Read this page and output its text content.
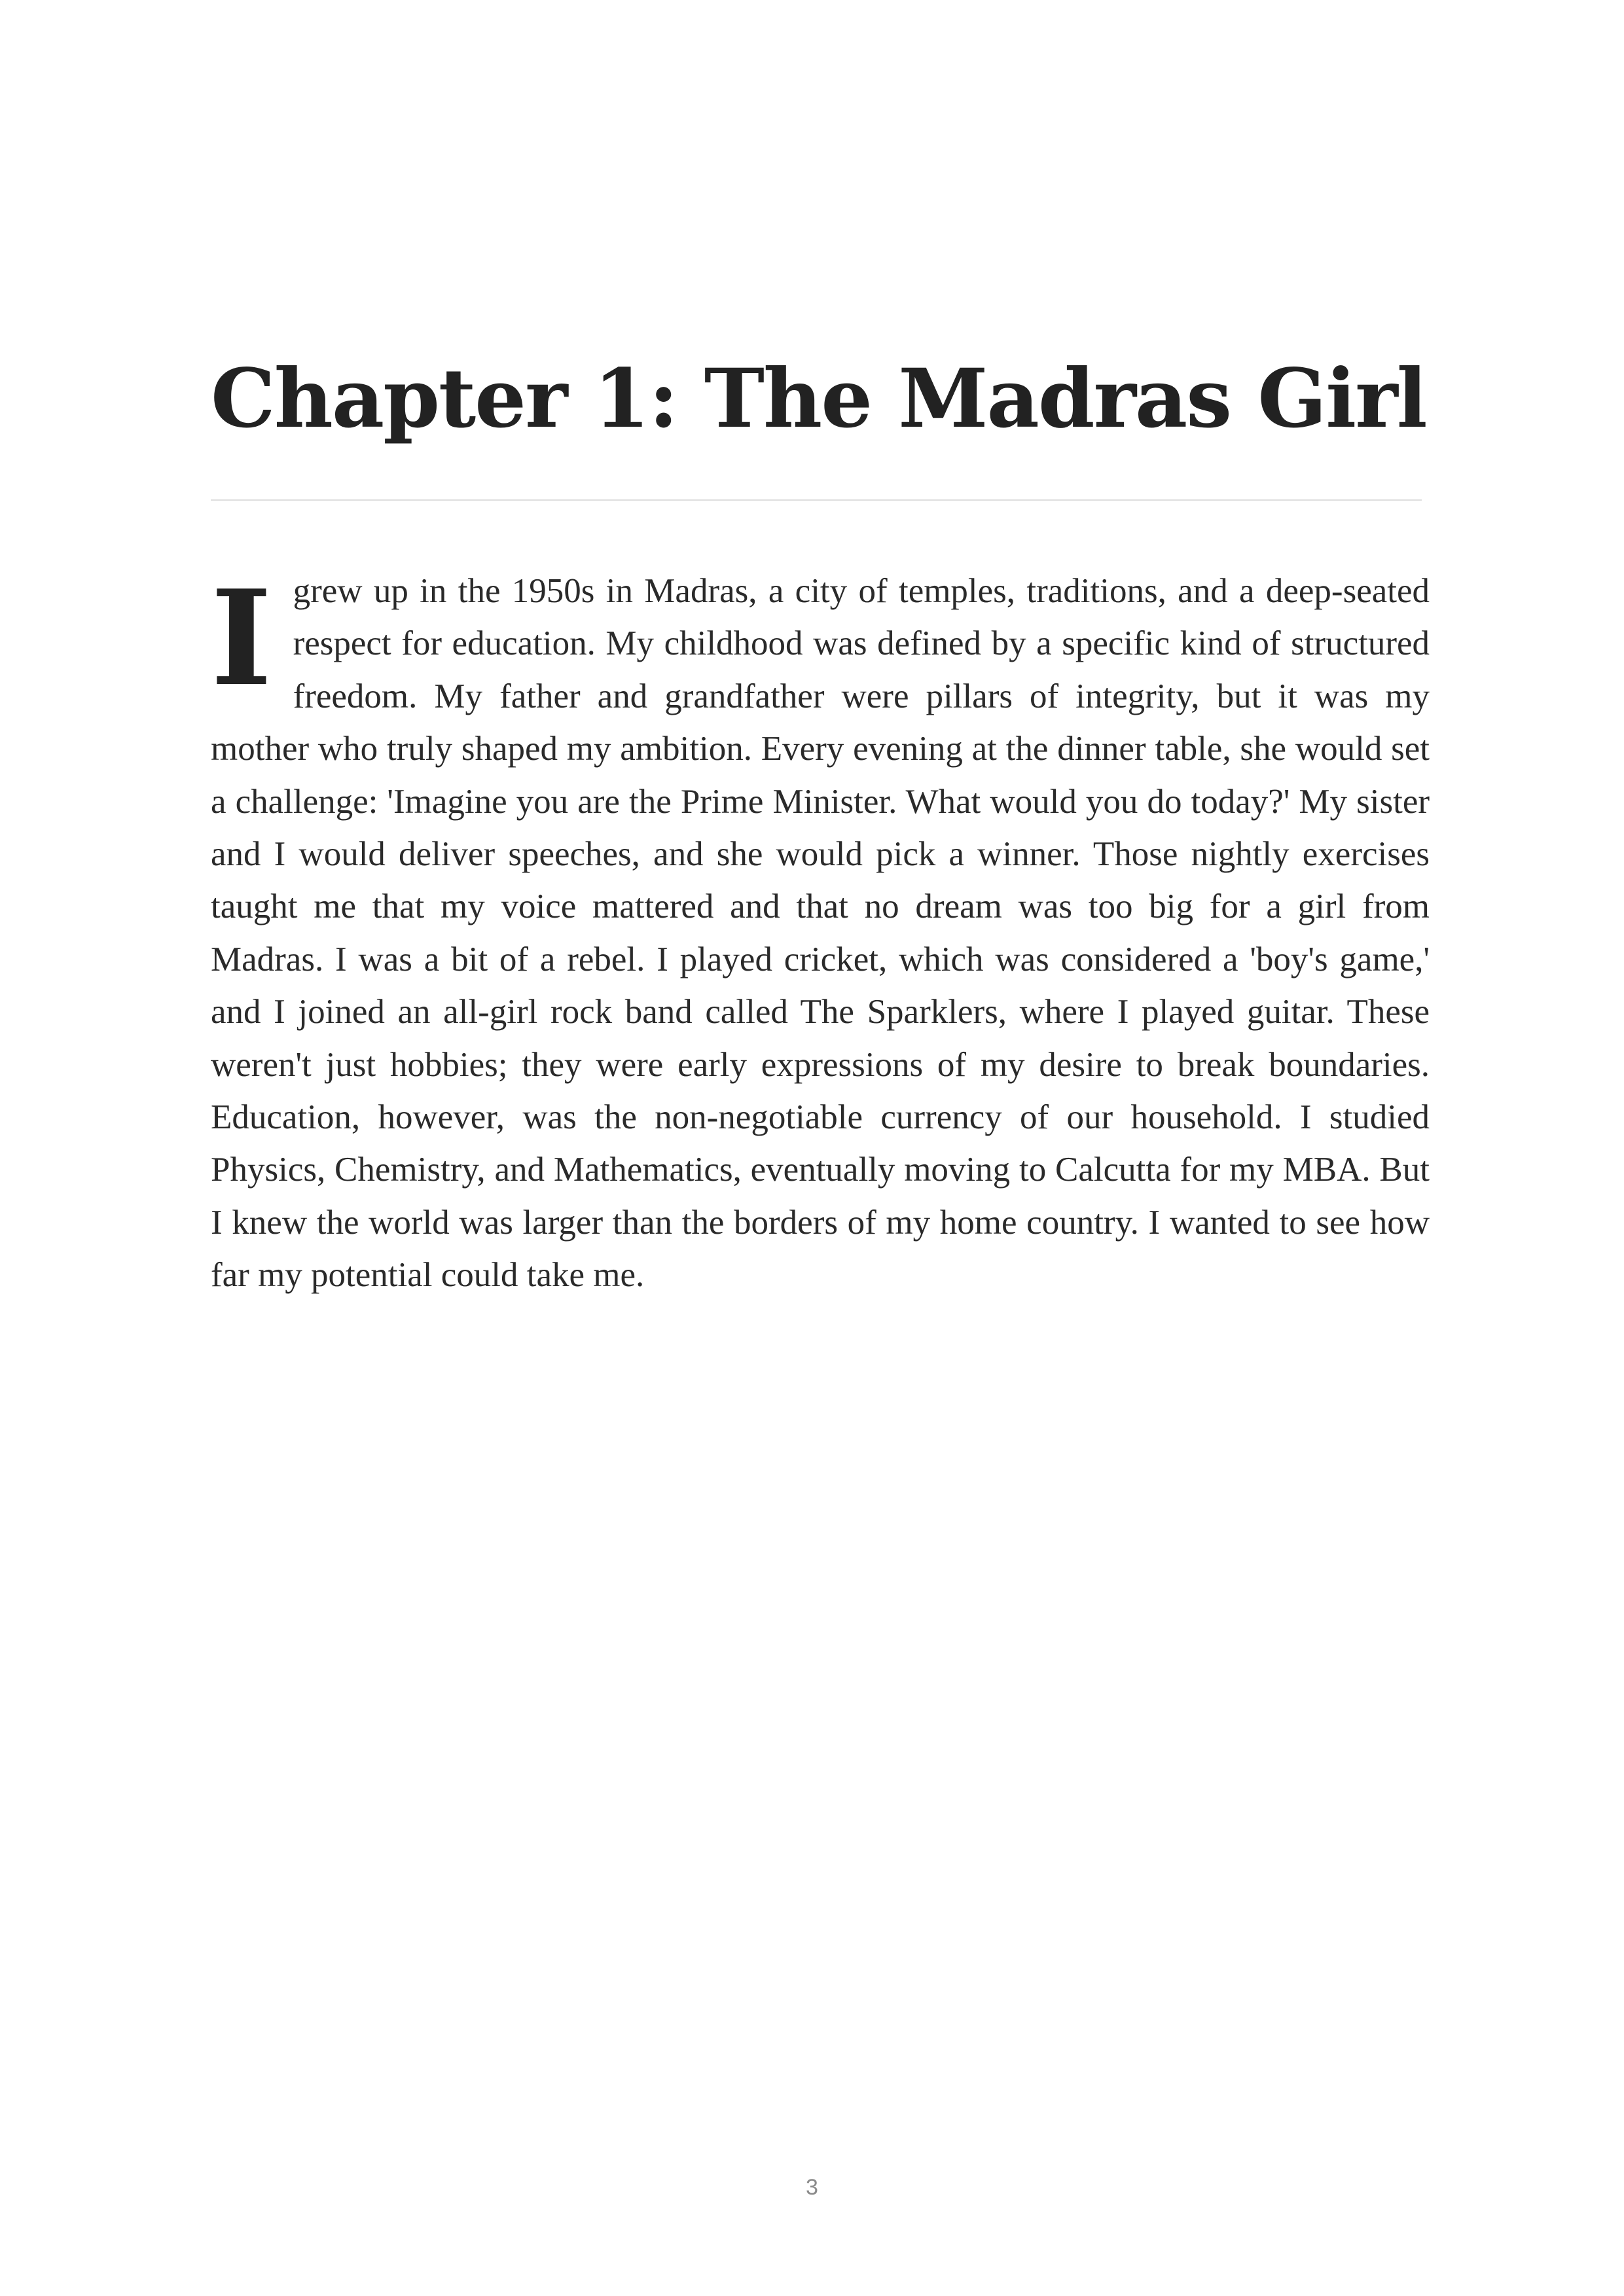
Chapter 1: The Madras Girl

Igrew up in the 1950s in Madras, a city of temples, traditions, and a deep-seated respect for education. My childhood was defined by a specific kind of structured freedom. My father and grandfather were pillars of integrity, but it was my mother who truly shaped my ambition. Every evening at the dinner table, she would set a challenge: 'Imagine you are the Prime Minister. What would you do today?' My sister and I would deliver speeches, and she would pick a winner. Those nightly exercises taught me that my voice mattered and that no dream was too big for a girl from Madras. I was a bit of a rebel. I played cricket, which was considered a 'boy's game,' and I joined an all-girl rock band called The Sparklers, where I played guitar. These weren't just hobbies; they were early expressions of my desire to break boundaries. Education, however, was the non-negotiable currency of our household. I studied Physics, Chemistry, and Mathematics, eventually moving to Calcutta for my MBA. But I knew the world was larger than the borders of my home country. I wanted to see how far my potential could take me.

3
